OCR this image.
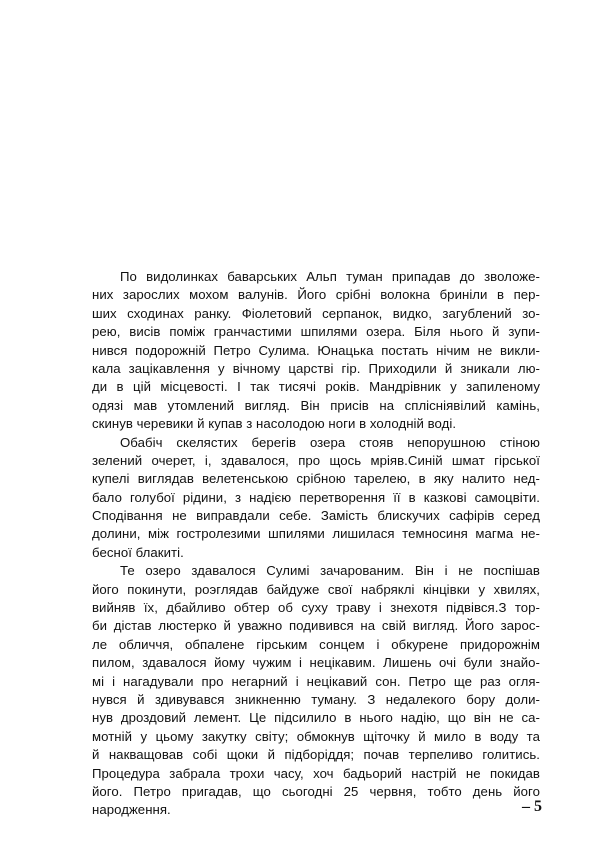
По видолинках баварських Альп туман припадав до зволоже-
них зарослих мохом валунів. Його срібні волокна бриніли в пер-
ших сходинах ранку. Фіолетовий серпанок, видко, загублений зо-
рею, висів поміж гранчастими шпилями озера. Біля нього й зупи-
нився подорожній Петро Сулима. Юнацька постать нічим не викли-
кала зацікавлення у вічному царстві гір. Приходили й зникали лю-
ди в цій місцевості. І так тисячі років. Мандрівник у запиленому
одязі мав утомлений вигляд. Він присів на сплісніявілий камінь,
скинув черевики й купав з насолодою ноги в холодній воді.
Обабіч скелястих берегів озера стояв непорушною стіною
зелений очерет, і, здавалося, про щось мріяв.Синій шмат гірської
купелі виглядав велетенською срібною тарелею, в яку налито нед-
бало голубої рідини, з надією перетворення її в казкові самоцвіти.
Сподівання не виправдали себе. Замість блискучих сафірів серед
долини, між гостролезими шпилями лишилася темносиня магма не-
бесної блакиті.
Те озеро здавалося Сулимі зачарованим. Він і не поспішав
його покинути, роэглядав байдуже свої набряклі кінцівки у хвилях,
вийняв їх, дбайливо обтер об суху траву і знехотя підвівся.З тор-
би дістав люстерко й уважно подивився на свій вигляд. Його зарос-
ле обличчя, обпалене гірським сонцем і обкурене придорожнім
пилом, здавалося йому чужим і нецікавим. Лишень очі були знайо-
мі і нагадували про негарний і нецікавий сон. Петро ще раз огля-
нувся й здивувався зникненню туману. З недалекого бору доли-
нув дроздовий лемент. Це підсилило в нього надію, що він не са-
мотній у цьому закутку світу; обмокнув щіточку й мило в воду та
й накващовав собі щоки й підборіддя; почав терпеливо голитись.
Процедура забрала трохи часу, хоч бадьорий настрій не покидав
його. Петро пригадав, що сьогодні 25 червня, тобто день його
народження.	– 5
